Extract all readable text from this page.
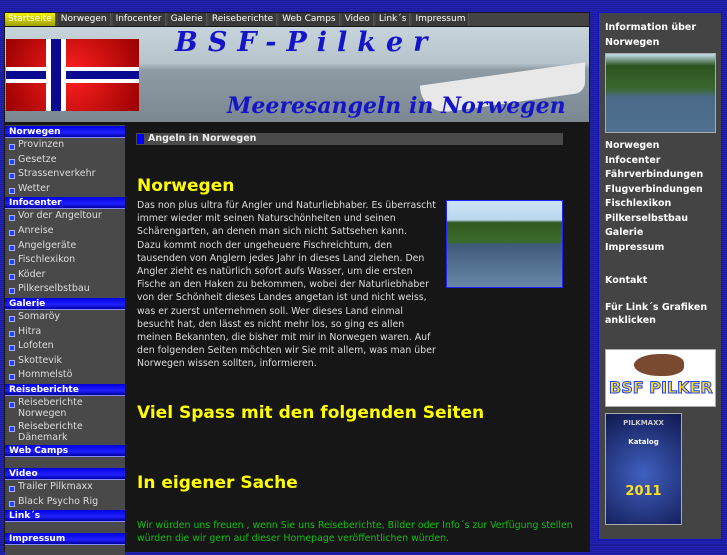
Startseite	Norwegen	Infocenter	Galerie	Reiseberichte	Web Camps	Video	Link´s	Impressum
BSF-Pilker
Meeresangeln in Norwegen
Norwegen
Provinzen
Gesetze
Strassenverkehr
Wetter
Infocenter
Vor der Angeltour
Anreise
Angelgeräte
Fischlexikon
Köder
Pilkerselbstbau
Galerie
Somaröy
Hitra
Lofoten
Skottevik
Hommelstö
Reiseberichte
Reiseberichte Norwegen
Reiseberichte Dänemark
Web Camps
Video
Trailer Pilkmaxx
Black Psycho Rig
Link´s
Impressum
Angeln in Norwegen
Norwegen
Das non plus ultra für Angler und Naturliebhaber. Es überrascht immer wieder mit seinen Naturschönheiten und seinen Schärengarten, an denen man sich nicht Sattsehen kann.
Dazu kommt noch der ungeheuere Fischreichtum, den tausenden von Anglern jedes Jahr in dieses Land ziehen. Den Angler zieht es natürlich sofort aufs Wasser, um die ersten Fische an den Haken zu bekommen, wobei der Naturliebhaber von der Schönheit dieses Landes angetan ist und nicht weiss, was er zuerst unternehmen soll. Wer dieses Land einmal besucht hat, den lässt es nicht mehr los, so ging es allen meinen Bekannten, die bisher mit mir in Norwegen waren. Auf den folgenden Seiten möchten wir Sie mit allem, was man über Norwegen wissen sollten, informieren.
Viel Spass mit den folgenden Seiten
In eigener Sache
Wir würden uns freuen , wenn Sie uns Reiseberichte, Bilder oder Info´s zur Verfügung stellen würden die wir gern auf dieser Homepage veröffentlichen würden.
Information über Norwegen
Norwegen
Infocenter
Fährverbindungen
Flugverbindungen
Fischlexikon
Pilkerselbstbau
Galerie
Impressum
Kontakt
Für Link´s Grafiken anklicken
BSF PILKER
PILKMAXX
Katalog
2011
